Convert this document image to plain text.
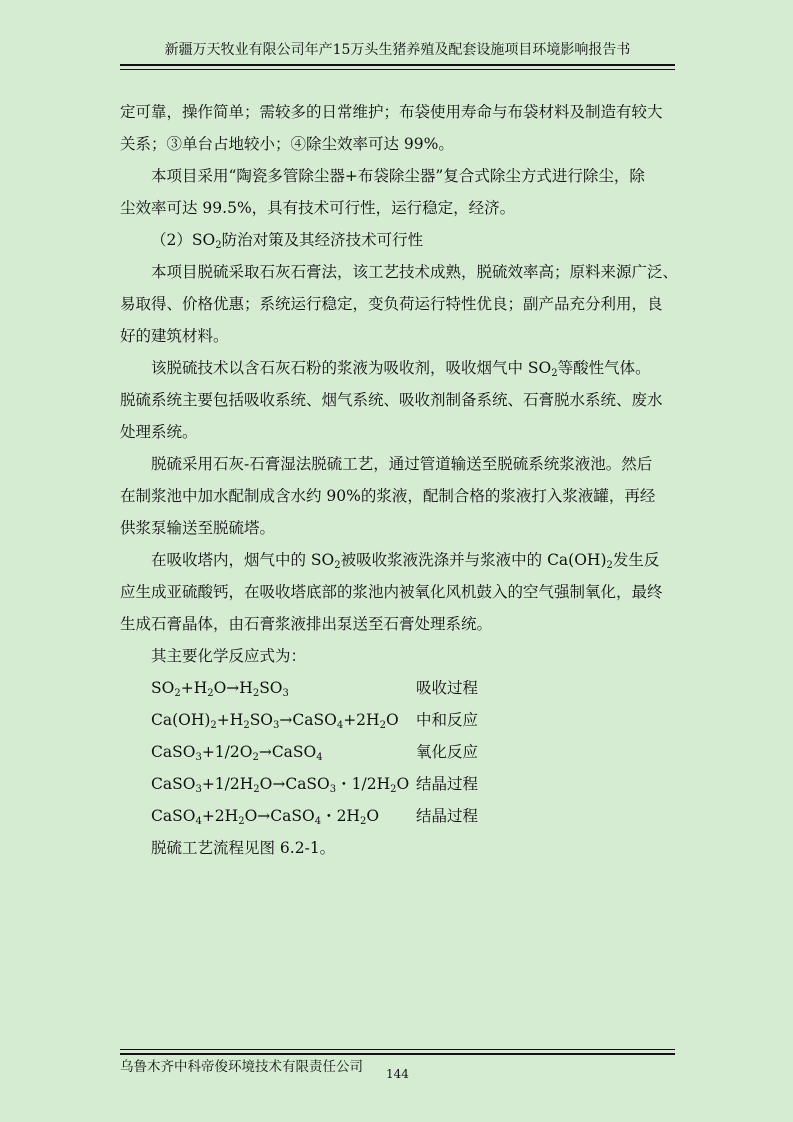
新疆万天牧业有限公司年产15万头生猪养殖及配套设施项目环境影响报告书

定可靠，操作简单；需较多的日常维护；布袋使用寿命与布袋材料及制造有较大

关系；③单台占地较小；④除尘效率可达 99%。

本项目采用“陶瓷多管除尘器+布袋除尘器”复合式除尘方式进行除尘，除

尘效率可达 99.5%，具有技术可行性，运行稳定，经济。

$(2)SO_2$防治对策及其经济技术可行性

本项目脱硫采取石灰石膏法，该工艺技术成熟，脱硫效率高；原料来源广泛、

易取得、价格优惠；系统运行稳定，变负荷运行特性优良；副产品充分利用，良

好的建筑材料。

该脱硫技术以含石灰石粉的浆液为吸收剂，吸收烟气中 $SO_2$等酸性气体。

脱硫系统主要包括吸收系统、烟气系统、吸收剂制备系统、石膏脱水系统、废水

处理系统。

脱硫采用石灰-石膏湿法脱硫工艺，通过管道输送至脱硫系统浆液池。然后

在制浆池中加水配制成含水约 90%的浆液，配制合格的浆液打入浆液罐，再经

供浆泵输送至脱硫塔。

在吸收塔内，烟气中的 $SO_2$被吸收浆液洗涤并与浆液中的 $Ca(OH)_2$发生反

应生成亚硫酸钙，在吸收塔底部的浆池内被氧化风机鼓入的空气强制氧化，最终

生成石膏晶体，由石膏浆液排出泵送至石膏处理系统。

其主要化学反应式为：

$SO_2+H_2O\to H_2SO_3$	吸收过程
$Ca(OH)_2+H_2SO_3\to CaSO_4+2H_2O$	中和反应
$CaSO_3+1/2O_2\to CaSO_4$	氧化反应
$CaSO_3+1/2H_2O\to CaSO_3$・$1/2H_2O$ 结晶过程
$CaSO_4+2H_2O\to CaSO_4$・$2H_2O$	结晶过程

脱硫工艺流程见图 6.2-1。

乌鲁木齐中科帝俊环境技术有限责任公司 144
